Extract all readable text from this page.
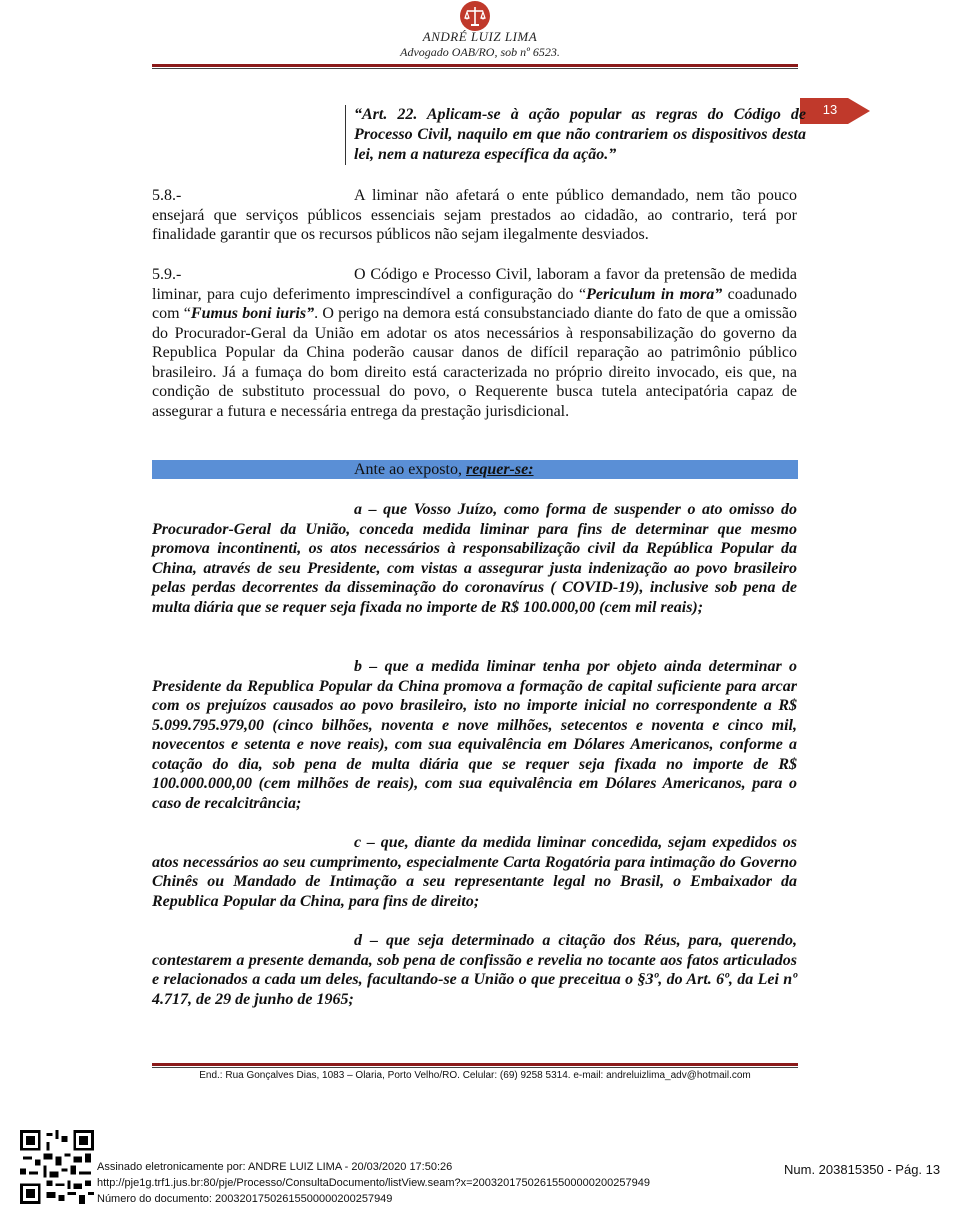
ANDRÉ LUIZ LIMA
Advogado OAB/RO, sob nº 6523.
13
“Art. 22. Aplicam-se à ação popular as regras do Código de Processo Civil, naquilo em que não contrariem os dispositivos desta lei, nem a natureza específica da ação.”
5.8.-	A liminar não afetará o ente público demandado, nem tão pouco ensejará que serviços públicos essenciais sejam prestados ao cidadão, ao contrario, terá por finalidade garantir que os recursos públicos não sejam ilegalmente desviados.
5.9.-	O Código e Processo Civil, laboram a favor da pretensão de medida liminar, para cujo deferimento imprescindível a configuração do “Periculum in mora” coadunado com “Fumus boni iuris”. O perigo na demora está consubstanciado diante do fato de que a omissão do Procurador-Geral da União em adotar os atos necessários à responsabilização do governo da Republica Popular da China poderão causar danos de difícil reparação ao patrimônio público brasileiro. Já a fumaça do bom direito está caracterizada no próprio direito invocado, eis que, na condição de substituto processual do povo, o Requerente busca tutela antecipatória capaz de assegurar a futura e necessária entrega da prestação jurisdicional.
Ante ao exposto, requer-se:
a – que Vosso Juízo, como forma de suspender o ato omisso do Procurador-Geral da União, conceda medida liminar para fins de determinar que mesmo promova incontinenti, os atos necessários à responsabilização civil da República Popular da China, através de seu Presidente, com vistas a assegurar justa indenização ao povo brasileiro pelas perdas decorrentes da disseminação do coronavírus ( COVID-19), inclusive sob pena de multa diária que se requer seja fixada no importe de R$ 100.000,00 (cem mil reais);
b – que a medida liminar tenha por objeto ainda determinar o Presidente da Republica Popular da China promova a formação de capital suficiente para arcar com os prejuízos causados ao povo brasileiro, isto no importe inicial no correspondente a R$ 5.099.795.979,00 (cinco bilhões, noventa e nove milhões, setecentos e noventa e cinco mil, novecentos e setenta e nove reais), com sua equivalência em Dólares Americanos, conforme a cotação do dia, sob pena de multa diária que se requer seja fixada no importe de R$ 100.000.000,00 (cem milhões de reais), com sua equivalência em Dólares Americanos, para o caso de recalcitrância;
c – que, diante da medida liminar concedida, sejam expedidos os atos necessários ao seu cumprimento, especialmente Carta Rogatória para intimação do Governo Chinês ou Mandado de Intimação a seu representante legal no Brasil, o Embaixador da Republica Popular da China, para fins de direito;
d – que seja determinado a citação dos Réus, para, querendo, contestarem a presente demanda, sob pena de confissão e revelia no tocante aos fatos articulados e relacionados a cada um deles, facultando-se a União o que preceitua o §3º, do Art. 6º, da Lei nº 4.717, de 29 de junho de 1965;
End.: Rua Gonçalves Dias, 1083 – Olaria, Porto Velho/RO. Celular: (69) 9258 5314. e-mail: andreluizlima_adv@hotmail.com
Assinado eletronicamente por: ANDRE LUIZ LIMA - 20/03/2020 17:50:26
http://pje1g.trf1.jus.br:80/pje/Processo/ConsultaDocumento/listView.seam?x=20032017502615500000200257949
Número do documento: 20032017502615500000200257949
Num. 203815350 - Pág. 13
